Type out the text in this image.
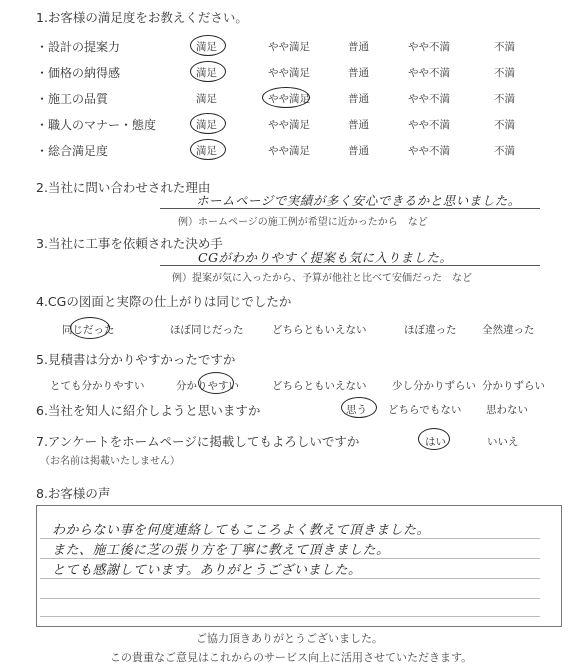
1.お客様の満足度をお教えください。
・設計の提案力	満足	やや満足	普通	やや不満	不満
・価格の納得感	満足	やや満足	普通	やや不満	不満
・施工の品質	満足	やや満足	普通	やや不満	不満
・職人のマナー・態度	満足	やや満足	普通	やや不満	不満
・総合満足度	満足	やや満足	普通	やや不満	不満
2.当社に問い合わせされた理由
ホームページで実績が多く安心できるかと思いました。
例）ホームページの施工例が希望に近かったから　など
3.当社に工事を依頼された決め手
CGがわかりやすく提案も気に入りました。
例）提案が気に入ったから、予算が他社と比べて安価だった　など
4.CGの図面と実際の仕上がりは同じでしたか
同じだった	ほぼ同じだった	どちらともいえない	ほぼ違った 全然違った
5.見積書は分かりやすかったですか
とても分かりやすい	分かりやすい	どちらともいえない 少し分かりずらい 分かりずらい
6.当社を知人に紹介しようと思いますか	思う どちらでもない 思わない
7.アンケートをホームページに掲載してもよろしいですか
（お名前は掲載いたしません）
はい	いいえ
8.お客様の声
わからない事を何度連絡してもこころよく教えて頂きました。
また、施工後に芝の張り方を丁寧に教えて頂きました。
とても感謝しています。ありがとうございました。
ご協力頂きありがとうございました。
この貴重なご意見はこれからのサービス向上に活用させていただきます。
